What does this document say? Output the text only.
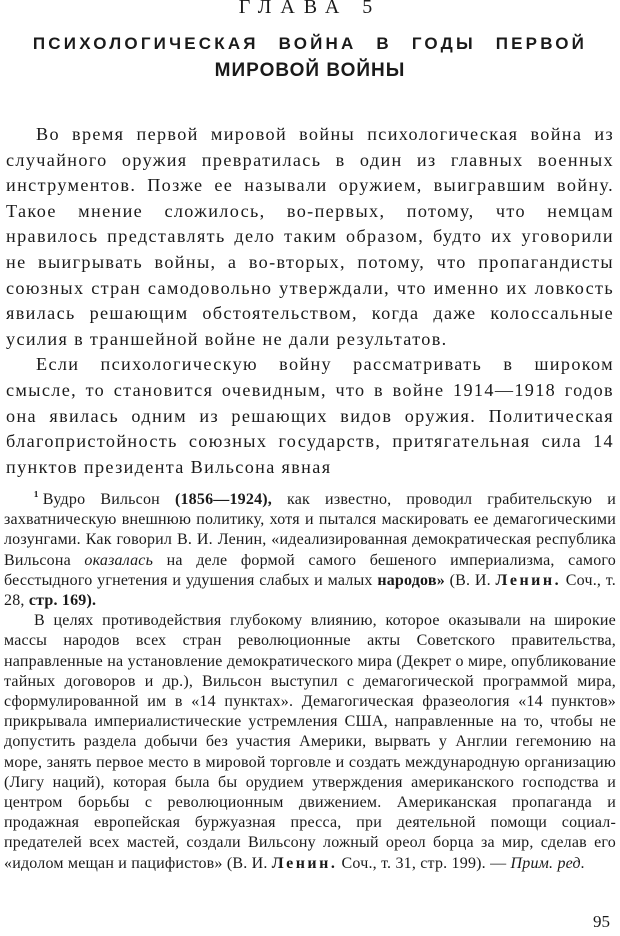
ГЛАВА 5
ПСИХОЛОГИЧЕСКАЯ ВОЙНА В ГОДЫ ПЕРВОЙ
МИРОВОЙ ВОЙНЫ

Во время первой мировой войны психологическая война из случайного оружия превратилась в один из главных военных инструментов. Позже ее называли оружием, выигравшим войну. Такое мнение сложилось, во-первых, потому, что немцам нравилось представлять дело таким образом, будто их уговорили не выигрывать войны, а во-вторых, потому, что пропагандисты союзных стран самодовольно утверждали, что именно их ловкость явилась решающим обстоятельством, когда даже колоссальные усилия в траншейной войне не дали результатов.

Если психологическую войну рассматривать в широком смысле, то становится очевидным, что в войне 1914—1918 годов она явилась одним из решающих видов оружия. Политическая благопристойность союзных государств, притягательная сила 14 пунктов президента Вильсона явная

¹ Вудро Вильсон (1856—1924), как известно, проводил грабительскую и захватническую внешнюю политику, хотя и пытался маскировать ее демагогическими лозунгами. Как говорил В. И. Ленин, «идеализированная демократическая республика Вильсона оказалась на деле формой самого бешеного империализма, самого бесстыдного угнетения и удушения слабых и малых народов» (В. И. Ленин. Соч., т. 28, стр. 169).

В целях противодействия глубокому влиянию, которое оказывали на широкие массы народов всех стран революционные акты Советского правительства, направленные на установление демократического мира (Декрет о мире, опубликование тайных договоров и др.), Вильсон выступил с демагогической программой мира, сформулированной им в «14 пунктах». Демагогическая фразеология «14 пунктов» прикрывала империалистические устремления США, направленные на то, чтобы не допустить раздела добычи без участия Америки, вырвать у Англии гегемонию на море, занять первое место в мировой торговле и создать международную организацию (Лигу наций), которая была бы орудием утверждения американского господства и центром борьбы с революционным движением. Американская пропаганда и продажная европейская буржуазная пресса, при деятельной помощи социал-предателей всех мастей, создали Вильсону ложный ореол борца за мир, сделав его «идолом мещан и пацифистов» (В. И. Ленин. Соч., т. 31, стр. 199). — Прим. ред.

95
